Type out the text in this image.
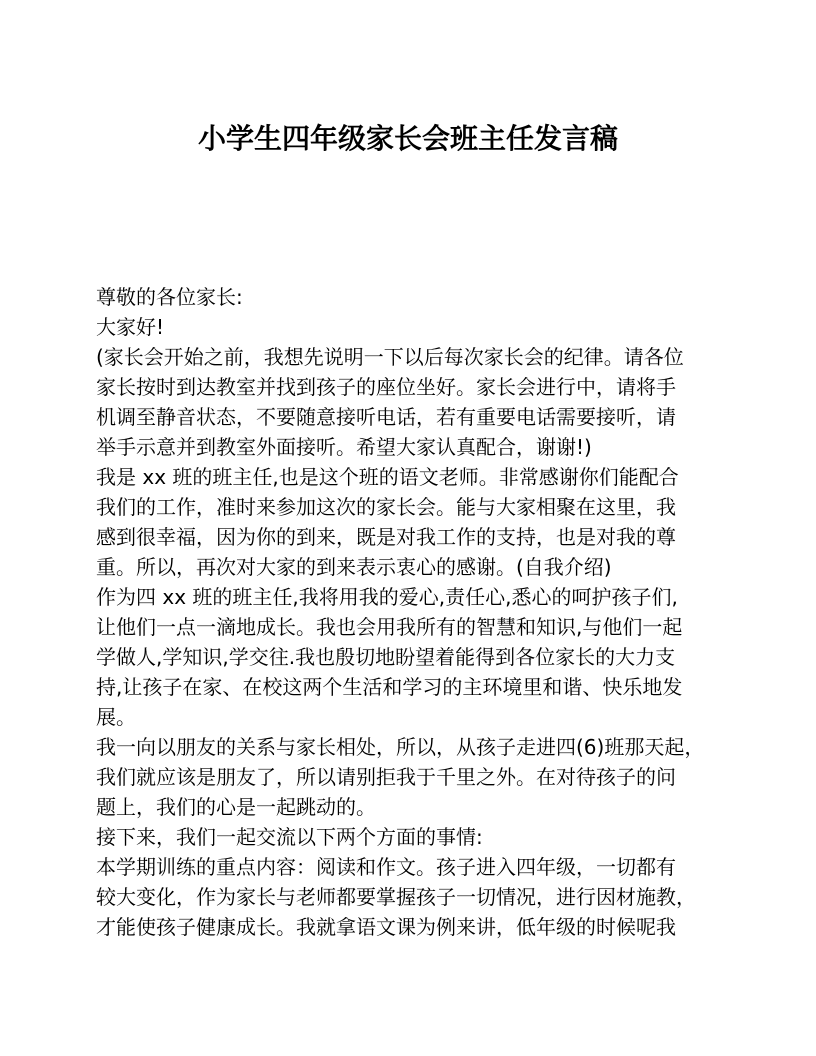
小学生四年级家长会班主任发言稿
尊敬的各位家长:
大家好!
(家长会开始之前，我想先说明一下以后每次家长会的纪律。请各位
家长按时到达教室并找到孩子的座位坐好。家长会进行中，请将手
机调至静音状态，不要随意接听电话，若有重要电话需要接听，请
举手示意并到教室外面接听。希望大家认真配合，谢谢!)
我是 xx 班的班主任,也是这个班的语文老师。非常感谢你们能配合
我们的工作，准时来参加这次的家长会。能与大家相聚在这里，我
感到很幸福，因为你的到来，既是对我工作的支持，也是对我的尊
重。所以，再次对大家的到来表示衷心的感谢。(自我介绍)
作为四 xx 班的班主任,我将用我的爱心,责任心,悉心的呵护孩子们,
让他们一点一滴地成长。我也会用我所有的智慧和知识,与他们一起
学做人,学知识,学交往.我也殷切地盼望着能得到各位家长的大力支
持,让孩子在家、在校这两个生活和学习的主环境里和谐、快乐地发
展。
我一向以朋友的关系与家长相处，所以，从孩子走进四(6)班那天起，
我们就应该是朋友了，所以请别拒我于千里之外。在对待孩子的问
题上，我们的心是一起跳动的。
接下来，我们一起交流以下两个方面的事情:
本学期训练的重点内容：阅读和作文。孩子进入四年级，一切都有
较大变化，作为家长与老师都要掌握孩子一切情况，进行因材施教，
才能使孩子健康成长。我就拿语文课为例来讲，低年级的时候呢我
